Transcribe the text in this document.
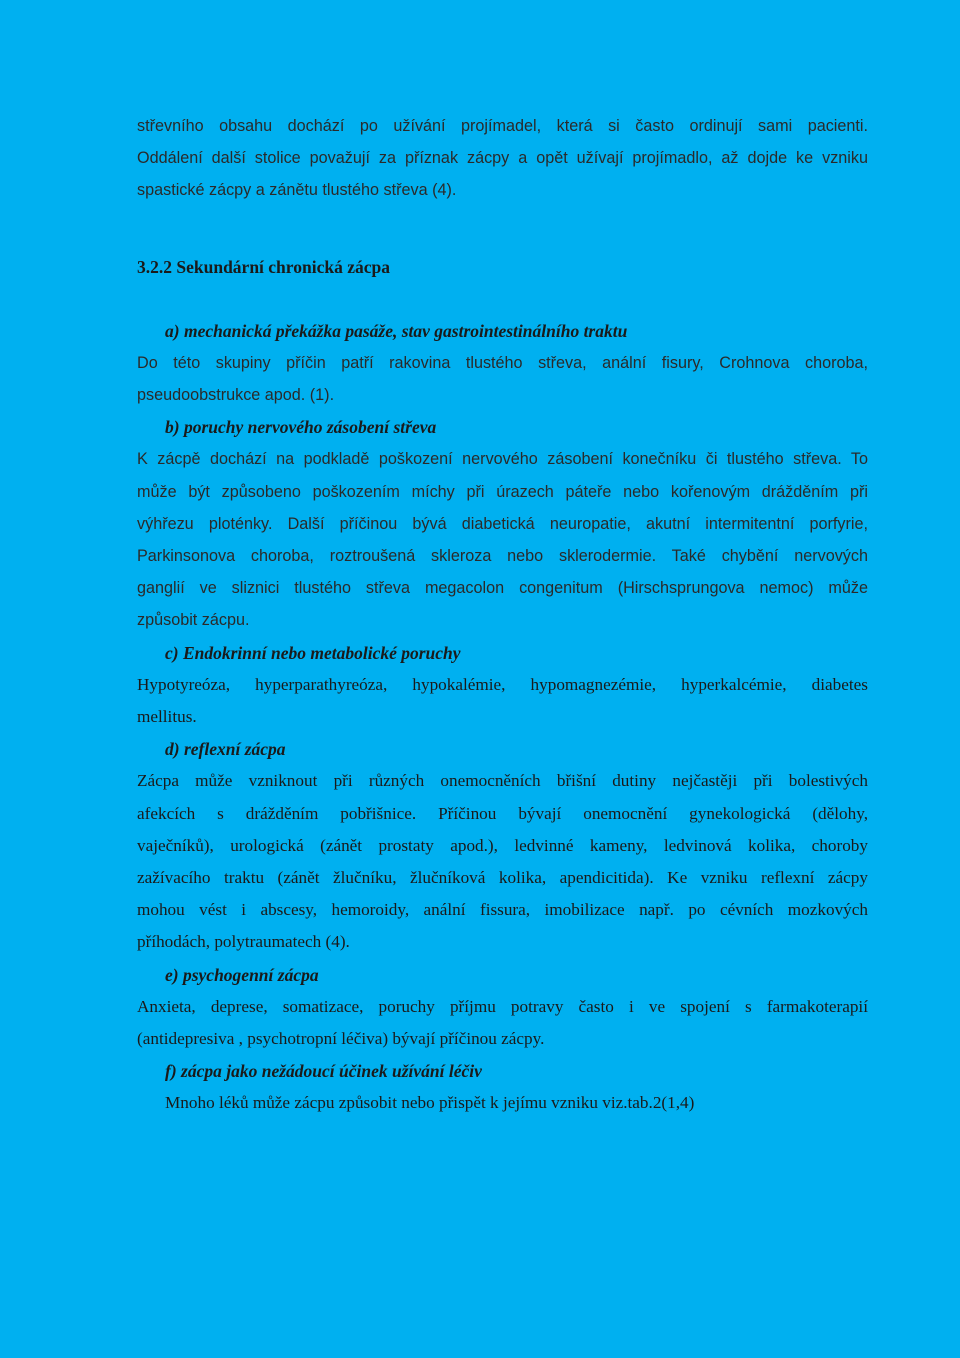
střevního obsahu dochází po užívání projímadel, která si často ordinují sami pacienti.
Oddálení další stolice považují za příznak zácpy a opět užívají projímadlo, až dojde ke vzniku
spastické zácpy a zánětu tlustého střeva (4).
3.2.2 Sekundární chronická zácpa

a) mechanická překážka pasáže, stav gastrointestinálního traktu

Do této skupiny příčin patří rakovina tlustého střeva, anální fisury, Crohnova choroba,
pseudoobstrukce apod. (1).

b) poruchy nervového zásobení střeva

K zácpě dochází na podkladě poškození nervového zásobení konečníku či tlustého střeva. To
může být způsobeno poškozením míchy při úrazech páteře nebo kořenovým drážděním při
výhřezu ploténky. Další příčinou bývá diabetická neuropatie, akutní intermitentní porfyrie,
Parkinsonova choroba, roztroušená skleroza nebo sklerodermie. Také chybění nervových
ganglií ve sliznici tlustého střeva megacolon congenitum (Hirschsprungova nemoc) může
způsobit zácpu.

c) Endokrinní nebo metabolické poruchy

Hypotyreóza, hyperparathyreóza, hypokalémie, hypomagnezémie, hyperkalcémie, diabetes
mellitus.

d) reflexní zácpa

Zácpa může vzniknout při různých onemocněních břišní dutiny nejčastěji při bolestivých
afekcích s drážděním pobřišnice. Příčinou bývají onemocnění gynekologická (dělohy,
vaječníků), urologická (zánět prostaty apod.), ledvinné kameny, ledvinová kolika, choroby
zažívacího traktu (zánět žlučníku, žlučníková kolika, apendicitida). Ke vzniku reflexní zácpy
mohou vést i abscesy, hemoroidy, anální fissura, imobilizace např. po cévních mozkových
příhodách, polytraumatech (4).

e) psychogenní zácpa

Anxieta, deprese, somatizace, poruchy příjmu potravy často i ve spojení s farmakoterapií
(antidepresiva , psychotropní léčiva) bývají příčinou zácpy.

f) zácpa jako nežádoucí účinek užívání léčiv

Mnoho léků může zácpu způsobit nebo přispět k jejímu vzniku viz.tab.2(1,4)
